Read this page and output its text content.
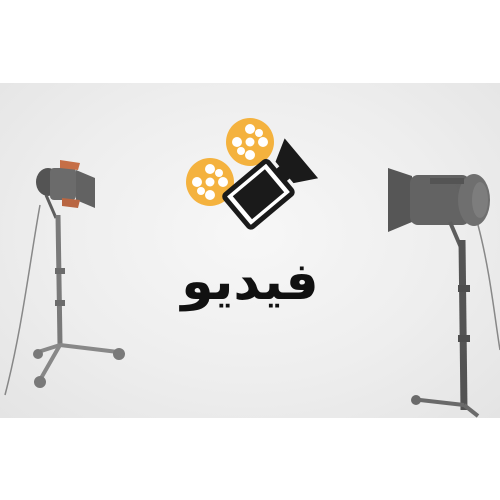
فيديو
